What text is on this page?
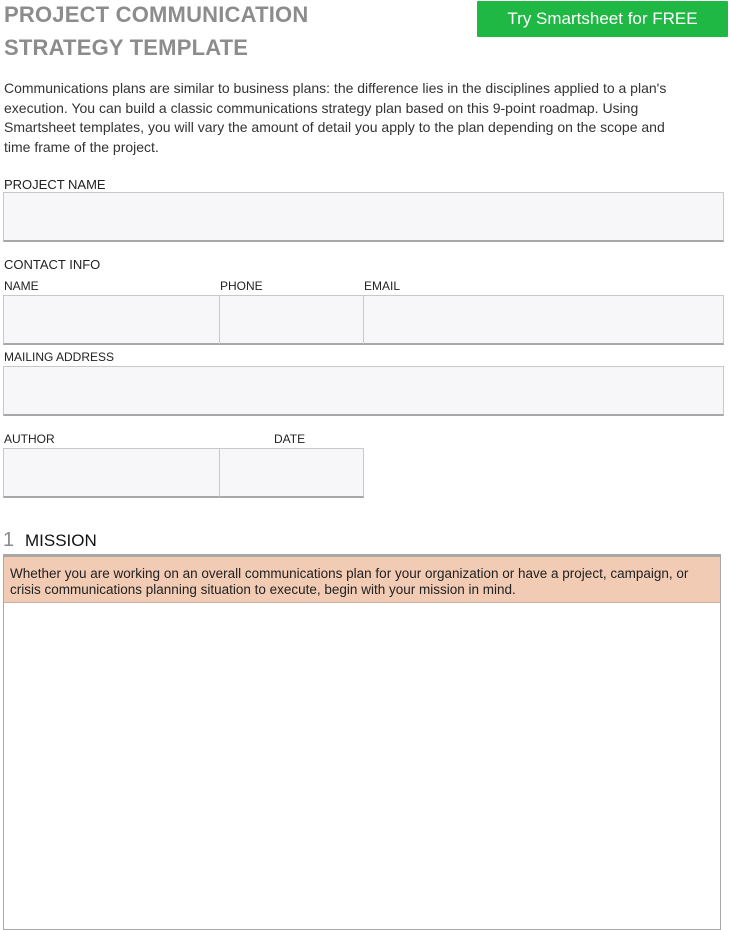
PROJECT COMMUNICATION
STRATEGY TEMPLATE
Try Smartsheet for FREE
Communications plans are similar to business plans: the difference lies in the disciplines applied to a plan's execution. You can build a classic communications strategy plan based on this 9-point roadmap. Using Smartsheet templates, you will vary the amount of detail you apply to the plan depending on the scope and time frame of the project.
PROJECT NAME
CONTACT INFO
NAME	PHONE	EMAIL
MAILING ADDRESS
AUTHOR	DATE
1 MISSION
Whether you are working on an overall communications plan for your organization or have a project, campaign, or crisis communications planning situation to execute, begin with your mission in mind.
